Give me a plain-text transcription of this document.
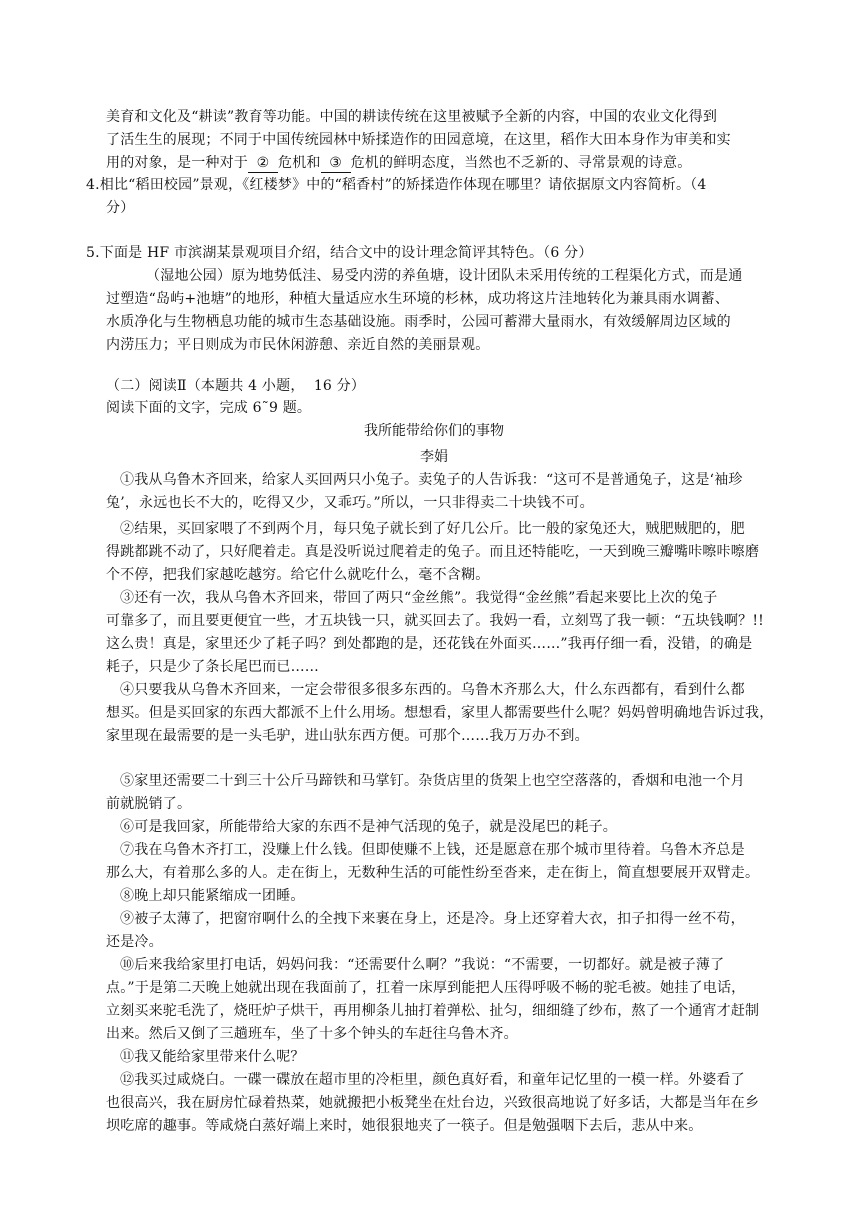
美育和文化及“耕读”教育等功能。中国的耕读传统在这里被赋予全新的内容，中国的农业文化得到
了活生生的展现；不同于中国传统园林中矫揉造作的田园意境，在这里，稻作大田本身作为审美和实
用的对象，是一种对于 ② 危机和 ③ 危机的鲜明态度，当然也不乏新的、寻常景观的诗意。
4.相比“稻田校园”景观，《红楼梦》中的“稻香村”的矫揉造作体现在哪里？请依据原文内容简析。（4
分）
5.下面是 HF 市滨湖某景观项目介绍，结合文中的设计理念简评其特色。（6 分）
（湿地公园）原为地势低洼、易受内涝的养鱼塘，设计团队未采用传统的工程渠化方式，而是通
过塑造“岛屿+池塘”的地形，种植大量适应水生环境的杉林，成功将这片洼地转化为兼具雨水调蓄、
水质净化与生物栖息功能的城市生态基础设施。雨季时，公园可蓄滞大量雨水，有效缓解周边区域的
内涝压力；平日则成为市民休闲游憩、亲近自然的美丽景观。
（二）阅读Ⅱ（本题共 4 小题，  16 分）
阅读下面的文字，完成 6˜9 题。
我所能带给你们的事物
李娟
①我从乌鲁木齐回来，给家人买回两只小兔子。卖兔子的人告诉我：“这可不是普通兔子，这是‘袖珍
兔’，永远也长不大的，吃得又少，又乖巧。”所以，一只非得卖二十块钱不可。
②结果，买回家喂了不到两个月，每只兔子就长到了好几公斤。比一般的家兔还大，贼肥贼肥的，肥
得跳都跳不动了，只好爬着走。真是没听说过爬着走的兔子。而且还特能吃，一天到晚三瓣嘴咔嚓咔嚓磨
个不停，把我们家越吃越穷。给它什么就吃什么，毫不含糊。
③还有一次，我从乌鲁木齐回来，带回了两只“金丝熊”。我觉得“金丝熊”看起来要比上次的兔子
可靠多了，而且要更便宜一些，才五块钱一只，就买回去了。我妈一看，立刻骂了我一顿：“五块钱啊？!!
这么贵！真是，家里还少了耗子吗？到处都跑的是，还花钱在外面买……”我再仔细一看，没错，的确是
耗子，只是少了条长尾巴而已……
④只要我从乌鲁木齐回来，一定会带很多很多东西的。乌鲁木齐那么大，什么东西都有，看到什么都
想买。但是买回家的东西大都派不上什么用场。想想看，家里人都需要些什么呢？妈妈曾明确地告诉过我，
家里现在最需要的是一头毛驴，进山驮东西方便。可那个……我万万办不到。
⑤家里还需要二十到三十公斤马蹄铁和马掌钉。杂货店里的货架上也空空落落的，香烟和电池一个月
前就脱销了。
⑥可是我回家，所能带给大家的东西不是神气活现的兔子，就是没尾巴的耗子。
⑦我在乌鲁木齐打工，没赚上什么钱。但即使赚不上钱，还是愿意在那个城市里待着。乌鲁木齐总是
那么大，有着那么多的人。走在街上，无数种生活的可能性纷至沓来，走在街上，简直想要展开双臂走。
⑧晚上却只能紧缩成一团睡。
⑨被子太薄了，把窗帘啊什么的全拽下来裹在身上，还是冷。身上还穿着大衣，扣子扣得一丝不苟，
还是冷。
⑩后来我给家里打电话，妈妈问我：“还需要什么啊？”我说：“不需要，一切都好。就是被子薄了
点。”于是第二天晚上她就出现在我面前了，扛着一床厚到能把人压得呼吸不畅的驼毛被。她挂了电话，
立刻买来驼毛洗了，烧旺炉子烘干，再用柳条儿抽打着弹松、扯匀，细细缝了纱布，熬了一个通宵才赶制
出来。然后又倒了三趟班车，坐了十多个钟头的车赶往乌鲁木齐。
⑪我又能给家里带来什么呢？
⑫我买过咸烧白。一碟一碟放在超市里的冷柜里，颜色真好看，和童年记忆里的一模一样。外婆看了
也很高兴，我在厨房忙碌着热菜，她就搬把小板凳坐在灶台边，兴致很高地说了好多话，大都是当年在乡
坝吃席的趣事。等咸烧白蒸好端上来时，她很狠地夹了一筷子。但是勉强咽下去后，悲从中来。
